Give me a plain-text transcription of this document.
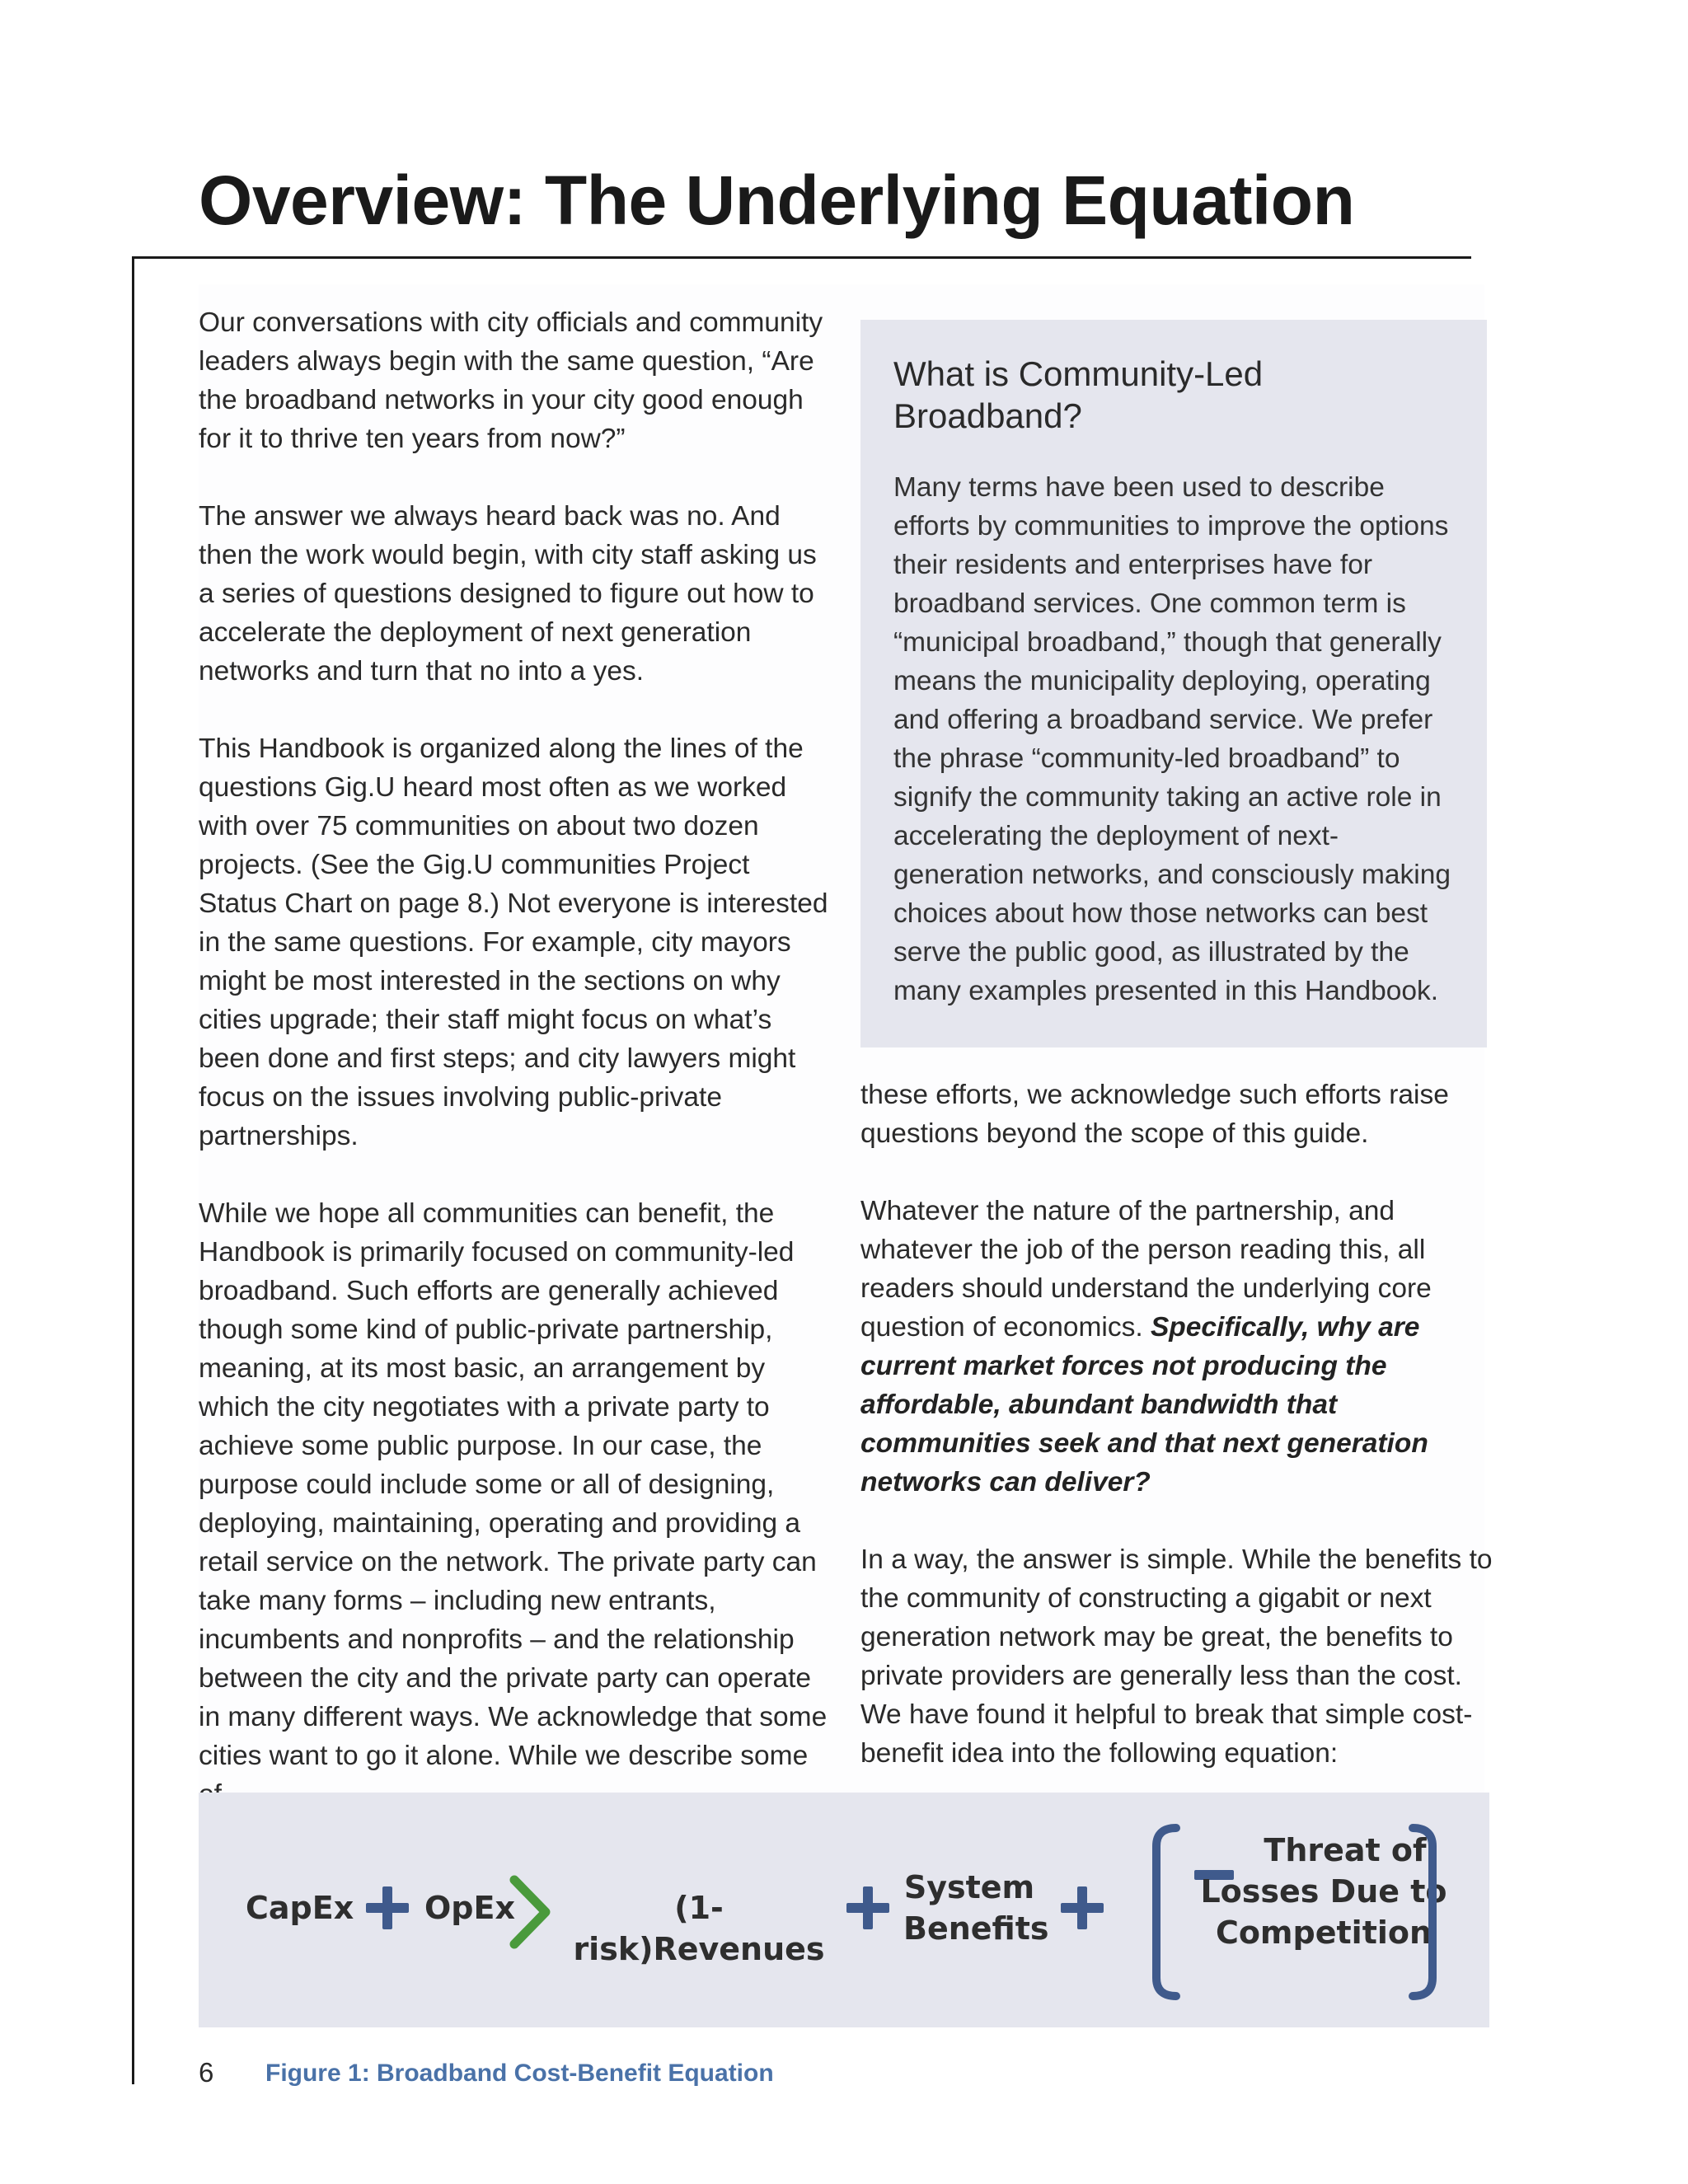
Overview: The Underlying Equation

Our conversations with city officials and community leaders always begin with the same question, “Are the broadband networks in your city good enough for it to thrive ten years from now?”

The answer we always heard back was no. And then the work would begin, with city staff asking us a series of questions designed to figure out how to accelerate the deployment of next generation networks and turn that no into a yes.

This Handbook is organized along the lines of the questions Gig.U heard most often as we worked with over 75 communities on about two dozen projects. (See the Gig.U communities Project Status Chart on page 8.) Not everyone is interested in the same questions. For example, city mayors might be most interested in the sections on why cities upgrade; their staff might focus on what’s been done and first steps; and city lawyers might focus on the issues involving public-private partnerships.

While we hope all communities can benefit, the Handbook is primarily focused on community-led broadband. Such efforts are generally achieved though some kind of public-private partnership, meaning, at its most basic, an arrangement by which the city negotiates with a private party to achieve some public purpose. In our case, the purpose could include some or all of designing, deploying, maintaining, operating and providing a retail service on the network. The private party can take many forms – including new entrants, incumbents and nonprofits – and the relationship between the city and the private party can operate in many different ways. We acknowledge that some cities want to go it alone. While we describe some

What is Community-Led Broadband?

Many terms have been used to describe efforts by communities to improve the options their residents and enterprises have for broadband services. One common term is “municipal broadband,” though that generally means the municipality deploying, operating and offering a broadband service. We prefer the phrase “community-led broadband” to signify the community taking an active role in accelerating the deployment of next-generation networks, and consciously making choices about how those networks can best serve the public good, as illustrated by the many examples presented in this Handbook.

these efforts, we acknowledge such efforts raise questions beyond the scope of this guide.

Whatever the nature of the partnership, and whatever the job of the person reading this, all readers should understand the underlying core question of economics. Specifically, why are current market forces not producing the affordable, abundant bandwidth that communities seek and that next generation networks can deliver?

In a way, the answer is simple. While the benefits to the community of constructing a gigabit or next generation network may be great, the benefits to private providers are generally less than the cost. We have found it helpful to break that simple cost-benefit idea into the following equation:

CapEx OpEx	(1-risk)Revenues
System
Benefits
Threat of
Losses Due to
Competition
6 Figure 1: Broadband Cost-Benefit Equation
